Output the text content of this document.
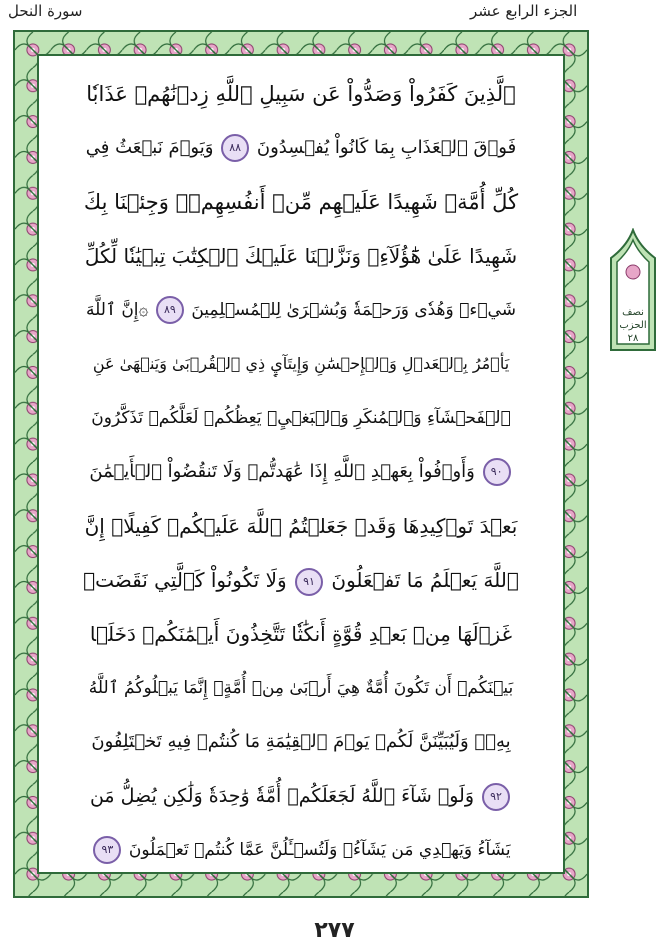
الجزء الرابع عشر
سورة النحل
ٱلَّذِينَ كَفَرُواْ وَصَدُّواْ عَن سَبِيلِ ٱللَّهِ زِدۡنَٰهُمۡ عَذَابٗا
فَوۡقَ ٱلۡعَذَابِ بِمَا كَانُواْ يُفۡسِدُونَ ٨٨ وَيَوۡمَ نَبۡعَثُ فِي
كُلِّ أُمَّةٖ شَهِيدًا عَلَيۡهِم مِّنۡ أَنفُسِهِمۡۖ وَجِئۡنَا بِكَ
شَهِيدًا عَلَىٰ هَٰٓؤُلَآءِۚ وَنَزَّلۡنَا عَلَيۡكَ ٱلۡكِتَٰبَ تِبۡيَٰنٗا لِّكُلِّ
شَيۡءٖ وَهُدٗى وَرَحۡمَةٗ وَبُشۡرَىٰ لِلۡمُسۡلِمِينَ ٨٩ ۞إِنَّ ٱللَّهَ
يَأۡمُرُ بِٱلۡعَدۡلِ وَٱلۡإِحۡسَٰنِ وَإِيتَآيِٕ ذِي ٱلۡقُرۡبَىٰ وَيَنۡهَىٰ عَنِ
ٱلۡفَحۡشَآءِ وَٱلۡمُنكَرِ وَٱلۡبَغۡيِۚ يَعِظُكُمۡ لَعَلَّكُمۡ تَذَكَّرُونَ
٩٠ وَأَوۡفُواْ بِعَهۡدِ ٱللَّهِ إِذَا عَٰهَدتُّمۡ وَلَا تَنقُضُواْ ٱلۡأَيۡمَٰنَ
بَعۡدَ تَوۡكِيدِهَا وَقَدۡ جَعَلۡتُمُ ٱللَّهَ عَلَيۡكُمۡ كَفِيلًاۚ إِنَّ
ٱللَّهَ يَعۡلَمُ مَا تَفۡعَلُونَ ٩١ وَلَا تَكُونُواْ كَٱلَّتِي نَقَضَتۡ
غَزۡلَهَا مِنۢ بَعۡدِ قُوَّةٍ أَنكَٰثٗا تَتَّخِذُونَ أَيۡمَٰنَكُمۡ دَخَلَۢا
بَيۡنَكُمۡ أَن تَكُونَ أُمَّةٌ هِيَ أَرۡبَىٰ مِنۡ أُمَّةٍۚ إِنَّمَا يَبۡلُوكُمُ ٱللَّهُ
بِهِۦۚ وَلَيُبَيِّنَنَّ لَكُمۡ يَوۡمَ ٱلۡقِيَٰمَةِ مَا كُنتُمۡ فِيهِ تَخۡتَلِفُونَ
٩٢ وَلَوۡ شَآءَ ٱللَّهُ لَجَعَلَكُمۡ أُمَّةٗ وَٰحِدَةٗ وَلَٰكِن يُضِلُّ مَن
يَشَآءُ وَيَهۡدِي مَن يَشَآءُۚ وَلَتُسۡـَٔلُنَّ عَمَّا كُنتُمۡ تَعۡمَلُونَ ٩٣
نصف
الحزب
٢٨
٢٧٧
